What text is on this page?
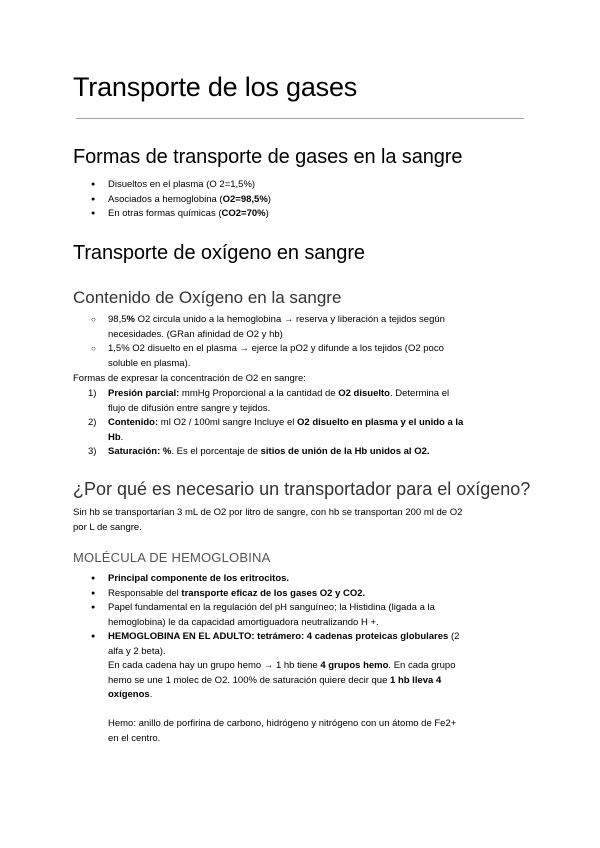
Transporte de los gases
Formas de transporte de gases en la sangre
● Disueltos en el plasma (O 2=1,5%)
● Asociados a hemoglobina (O2=98,5%)
● En otras formas químicas (CO2=70%)
Transporte de oxígeno en sangre
Contenido de Oxígeno en la sangre
○ 98,5% O2 circula unido a la hemoglobina → reserva y liberación a tejidos según
necesidades. (GRan afinidad de O2 y hb)
○ 1,5% O2 disuelto en el plasma → ejerce la pO2 y difunde a los tejidos (O2 poco
soluble en plasma).

Formas de expresar la concentración de O2 en sangre:

1) Presión parcial: mmHg Proporcional a la cantidad de O2 disuelto. Determina el
flujo de difusión entre sangre y tejidos.
2) Contenido: ml O2 / 100ml sangre Incluye el O2 disuelto en plasma y el unido a la
Hb.
3) Saturación: %. Es el porcentaje de sitios de unión de la Hb unidos al O2.
¿Por qué es necesario un transportador para el oxígeno?

Sin hb se transportarían 3 mL de O2 por litro de sangre, con hb se transportan 200 ml de O2
por L de sangre.

MOLÉCULA DE HEMOGLOBINA
● Principal componente de los eritrocitos.
● Responsable del transporte eficaz de los gases O2 y CO2.
● Papel fundamental en la regulación del pH sanguíneo; la Histidina (ligada a la
hemoglobina) le da capacidad amortiguadora neutralizando H +.
● HEMOGLOBINA EN EL ADULTO: tetrámero: 4 cadenas proteicas globulares (2
alfa y 2 beta).
En cada cadena hay un grupo hemo → 1 hb tiene 4 grupos hemo. En cada grupo
hemo se une 1 molec de O2. 100% de saturación quiere decir que 1 hb lleva 4
oxígenos.

Hemo: anillo de porfirina de carbono, hidrógeno y nitrógeno con un átomo de Fe2+
en el centro.
